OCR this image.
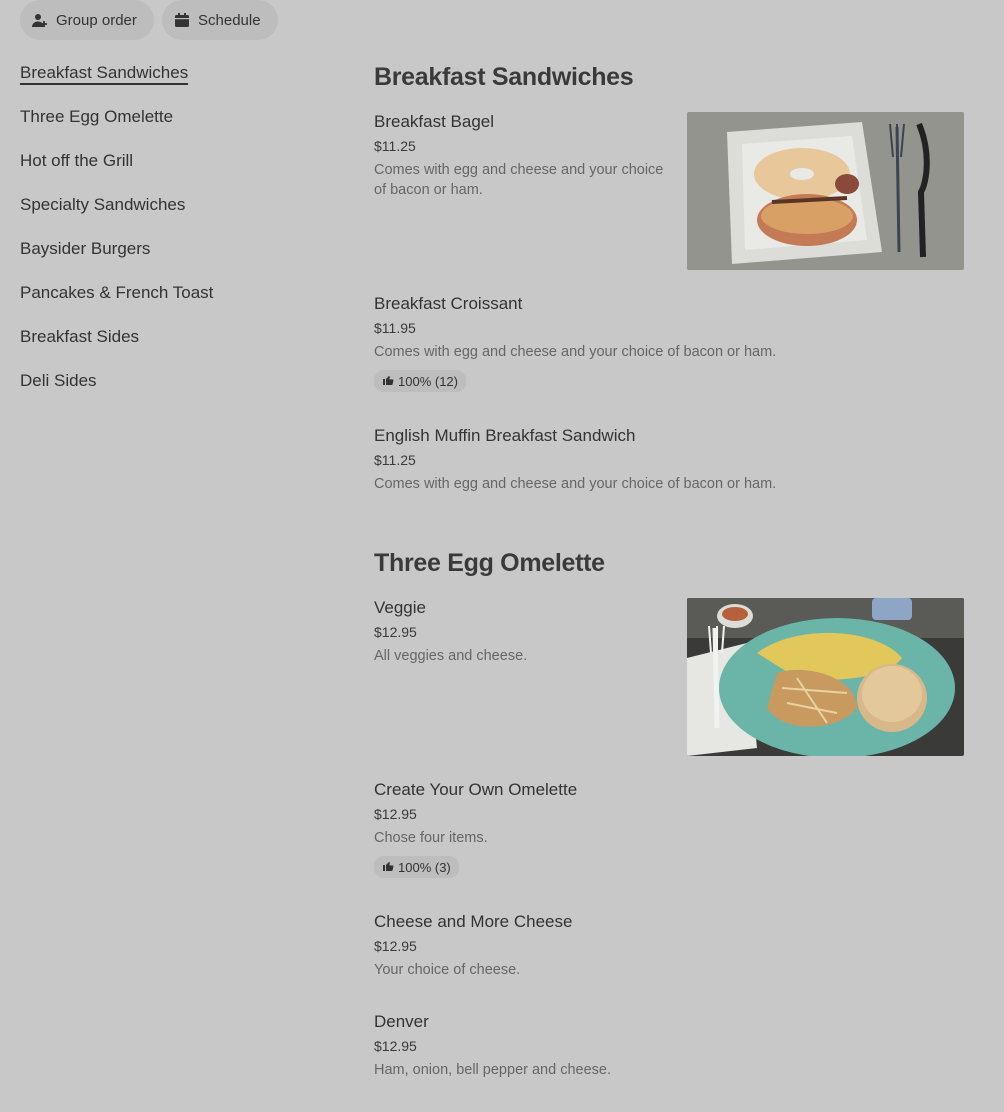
Group order	Schedule
Breakfast Sandwiches
Three Egg Omelette
Hot off the Grill
Specialty Sandwiches
Baysider Burgers
Pancakes & French Toast
Breakfast Sides
Deli Sides
Breakfast Sandwiches
Breakfast Bagel
$11.25
Comes with egg and cheese and your choice of bacon or ham.
Breakfast Croissant
$11.95
Comes with egg and cheese and your choice of bacon or ham.
100% (12)
English Muffin Breakfast Sandwich
$11.25
Comes with egg and cheese and your choice of bacon or ham.
Three Egg Omelette
Veggie
$12.95
All veggies and cheese.
Create Your Own Omelette
$12.95
Chose four items.
100% (3)
Cheese and More Cheese
$12.95
Your choice of cheese.
Denver
$12.95
Ham, onion, bell pepper and cheese.
